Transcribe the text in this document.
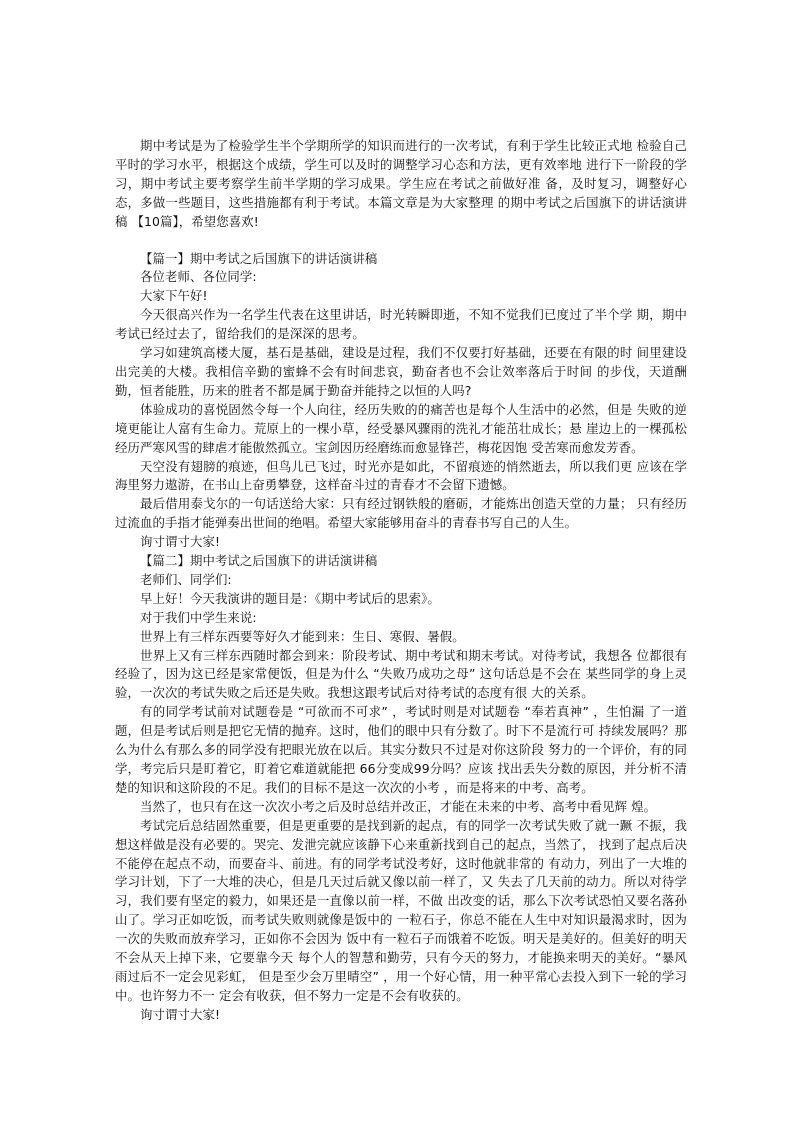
期中考试是为了检验学生半个学期所学的知识而进行的一次考试，有利于学生比较正式地 检验自己平时的学习水平，根据这个成绩，学生可以及时的调整学习心态和方法，更有效率地 进行下一阶段的学习，期中考试主要考察学生前半学期的学习成果。学生应在考试之前做好准 备，及时复习，调整好心态，多做一些题目，这些措施都有利于考试。本篇文章是为大家整理 的期中考试之后国旗下的讲话演讲稿 【10篇】，希望您喜欢!

【篇一】期中考试之后国旗下的讲话演讲稿

各位老师、各位同学:

大家下午好!

今天很高兴作为一名学生代表在这里讲话，时光转瞬即逝，不知不觉我们已度过了半个学 期，期中考试已经过去了，留给我们的是深深的思考。

学习如建筑高楼大厦，基石是基础，建设是过程，我们不仅要打好基础，还要在有限的时 间里建设出完美的大楼。我相信辛勤的蜜蜂不会有时间悲哀，勤奋者也不会让效率落后于时间 的步伐，天道酬勤，恒者能胜，历来的胜者不都是属于勤奋并能持之以恒的人吗?

体验成功的喜悦固然令每一个人向往，经历失败的的痛苦也是每个人生活中的必然，但是 失败的逆境更能让人富有生命力。荒原上的一棵小草，经受暴风骤雨的洗礼才能茁壮成长；悬 崖边上的一棵孤松经历严寒风雪的肆虐才能傲然孤立。宝剑因历经磨练而愈显锋芒，梅花因饱 受苦寒而愈发芳香。

天空没有翅膀的痕迹，但鸟儿已飞过，时光亦是如此，不留痕迹的悄然逝去，所以我们更 应该在学海里努力遨游，在书山上奋勇攀登，这样奋斗过的青春才不会留下遗憾。

最后借用泰戈尔的一句话送给大家：只有经过钢铁般的磨砺，才能炼出创造天堂的力量； 只有经历过流血的手指才能弹奏出世间的绝唱。希望大家能够用奋斗的青春书写自己的人生。

询寸谓寸大家!

【篇二】期中考试之后国旗下的讲话演讲稿

老师们、同学们:

早上好！今天我演讲的题目是：《期中考试后的思索》。

对于我们中学生来说:

世界上有三样东西要等好久才能到来：生日、寒假、暑假。

世界上又有三样东西随时都会到来：阶段考试、期中考试和期末考试。对待考试，我想各 位都很有经验了，因为这已经是家常便饭，但是为什么 “失败乃成功之母” 这句话总是不会在 某些同学的身上灵验，一次次的考试失败之后还是失败。我想这跟考试后对待考试的态度有很 大的关系。

有的同学考试前对试题卷是 “可欲而不可求” ，考试时则是对试题卷 “奉若真神” ，生怕漏 了一道题，但是考试后则是把它无情的抛弃。这时，他们的眼中只有分数了。时下不是流行可 持续发展吗？那么为什么有那么多的同学没有把眼光放在以后。其实分数只不过是对你这阶段 努力的一个评价，有的同学，考完后只是盯着它，盯着它难道就能把 66分变成99分吗？应该 找出丢失分数的原因，并分析不清楚的知识和这阶段的不足。我们的目标不是这一次次的小考 ，而是将来的中考、高考。

当然了，也只有在这一次次小考之后及时总结并改正，才能在未来的中考、高考中看见辉 煌。

考试完后总结固然重要，但是更重要的是找到新的起点，有的同学一次考试失败了就一蹶 不振，我想这样做是没有必要的。哭完、发泄完就应该静下心来重新找到自己的起点，当然了， 找到了起点后决不能停在起点不动，而要奋斗、前进。有的同学考试没考好，这时他就非常的 有动力，列出了一大堆的学习计划，下了一大堆的决心，但是几天过后就又像以前一样了，又 失去了几天前的动力。所以对待学习，我们要有坚定的毅力，如果还是一直像以前一样，不做 出改变的话，那么下次考试恐怕又要名落孙山了。学习正如吃饭，而考试失败则就像是饭中的 一粒石子，你总不能在人生中对知识最渴求时，因为一次的失败而放弃学习，正如你不会因为 饭中有一粒石子而饿着不吃饭。明天是美好的。但美好的明天不会从天上掉下来，它要靠今天 每个人的智慧和勤劳，只有今天的努力，才能换来明天的美好。“暴风雨过后不一定会见彩虹， 但是至少会万里晴空” ，用一个好心情，用一种平常心去投入到下一轮的学习中。也许努力不一 定会有收获，但不努力一定是不会有收获的。

询寸谓寸大家!
